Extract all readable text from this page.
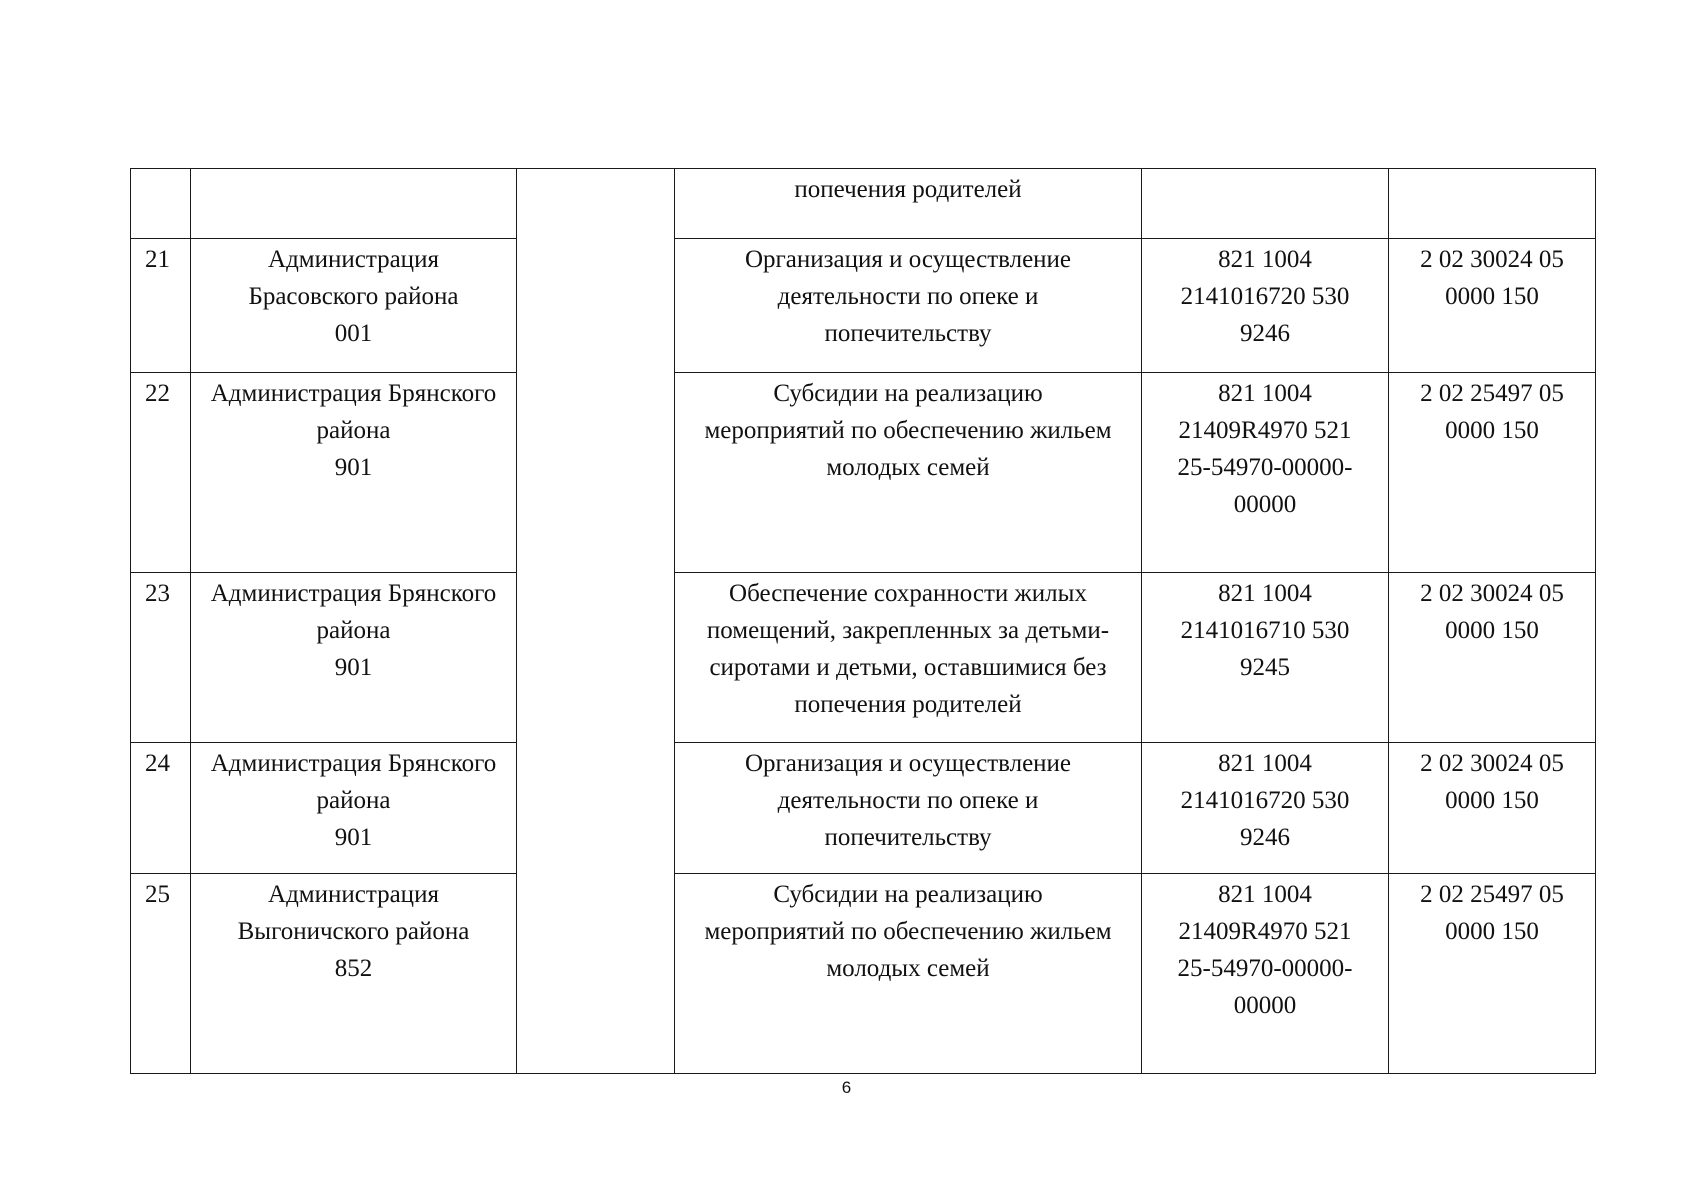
			попечения родителей		

21	Администрация
Брасовского района
001		Организация и осуществление
деятельности по опеке и
попечительству	821 1004
2141016720 530
9246	2 02 30024 05
0000 150

22	Администрация Брянского
района
901		Субсидии на реализацию
мероприятий по обеспечению жильем
молодых семей	821 1004
21409R4970 521
25-54970-00000-
00000	2 02 25497 05
0000 150

23	Администрация Брянского
района
901		Обеспечение сохранности жилых
помещений, закрепленных за детьми-
сиротами и детьми, оставшимися без
попечения родителей	821 1004
2141016710 530
9245	2 02 30024 05
0000 150

24	Администрация Брянского
района
901		Организация и осуществление
деятельности по опеке и
попечительству	821 1004
2141016720 530
9246	2 02 30024 05
0000 150

25	Администрация
Выгоничского района
852		Субсидии на реализацию
мероприятий по обеспечению жильем
молодых семей	821 1004
21409R4970 521
25-54970-00000-
00000	2 02 25497 05
0000 150
6
